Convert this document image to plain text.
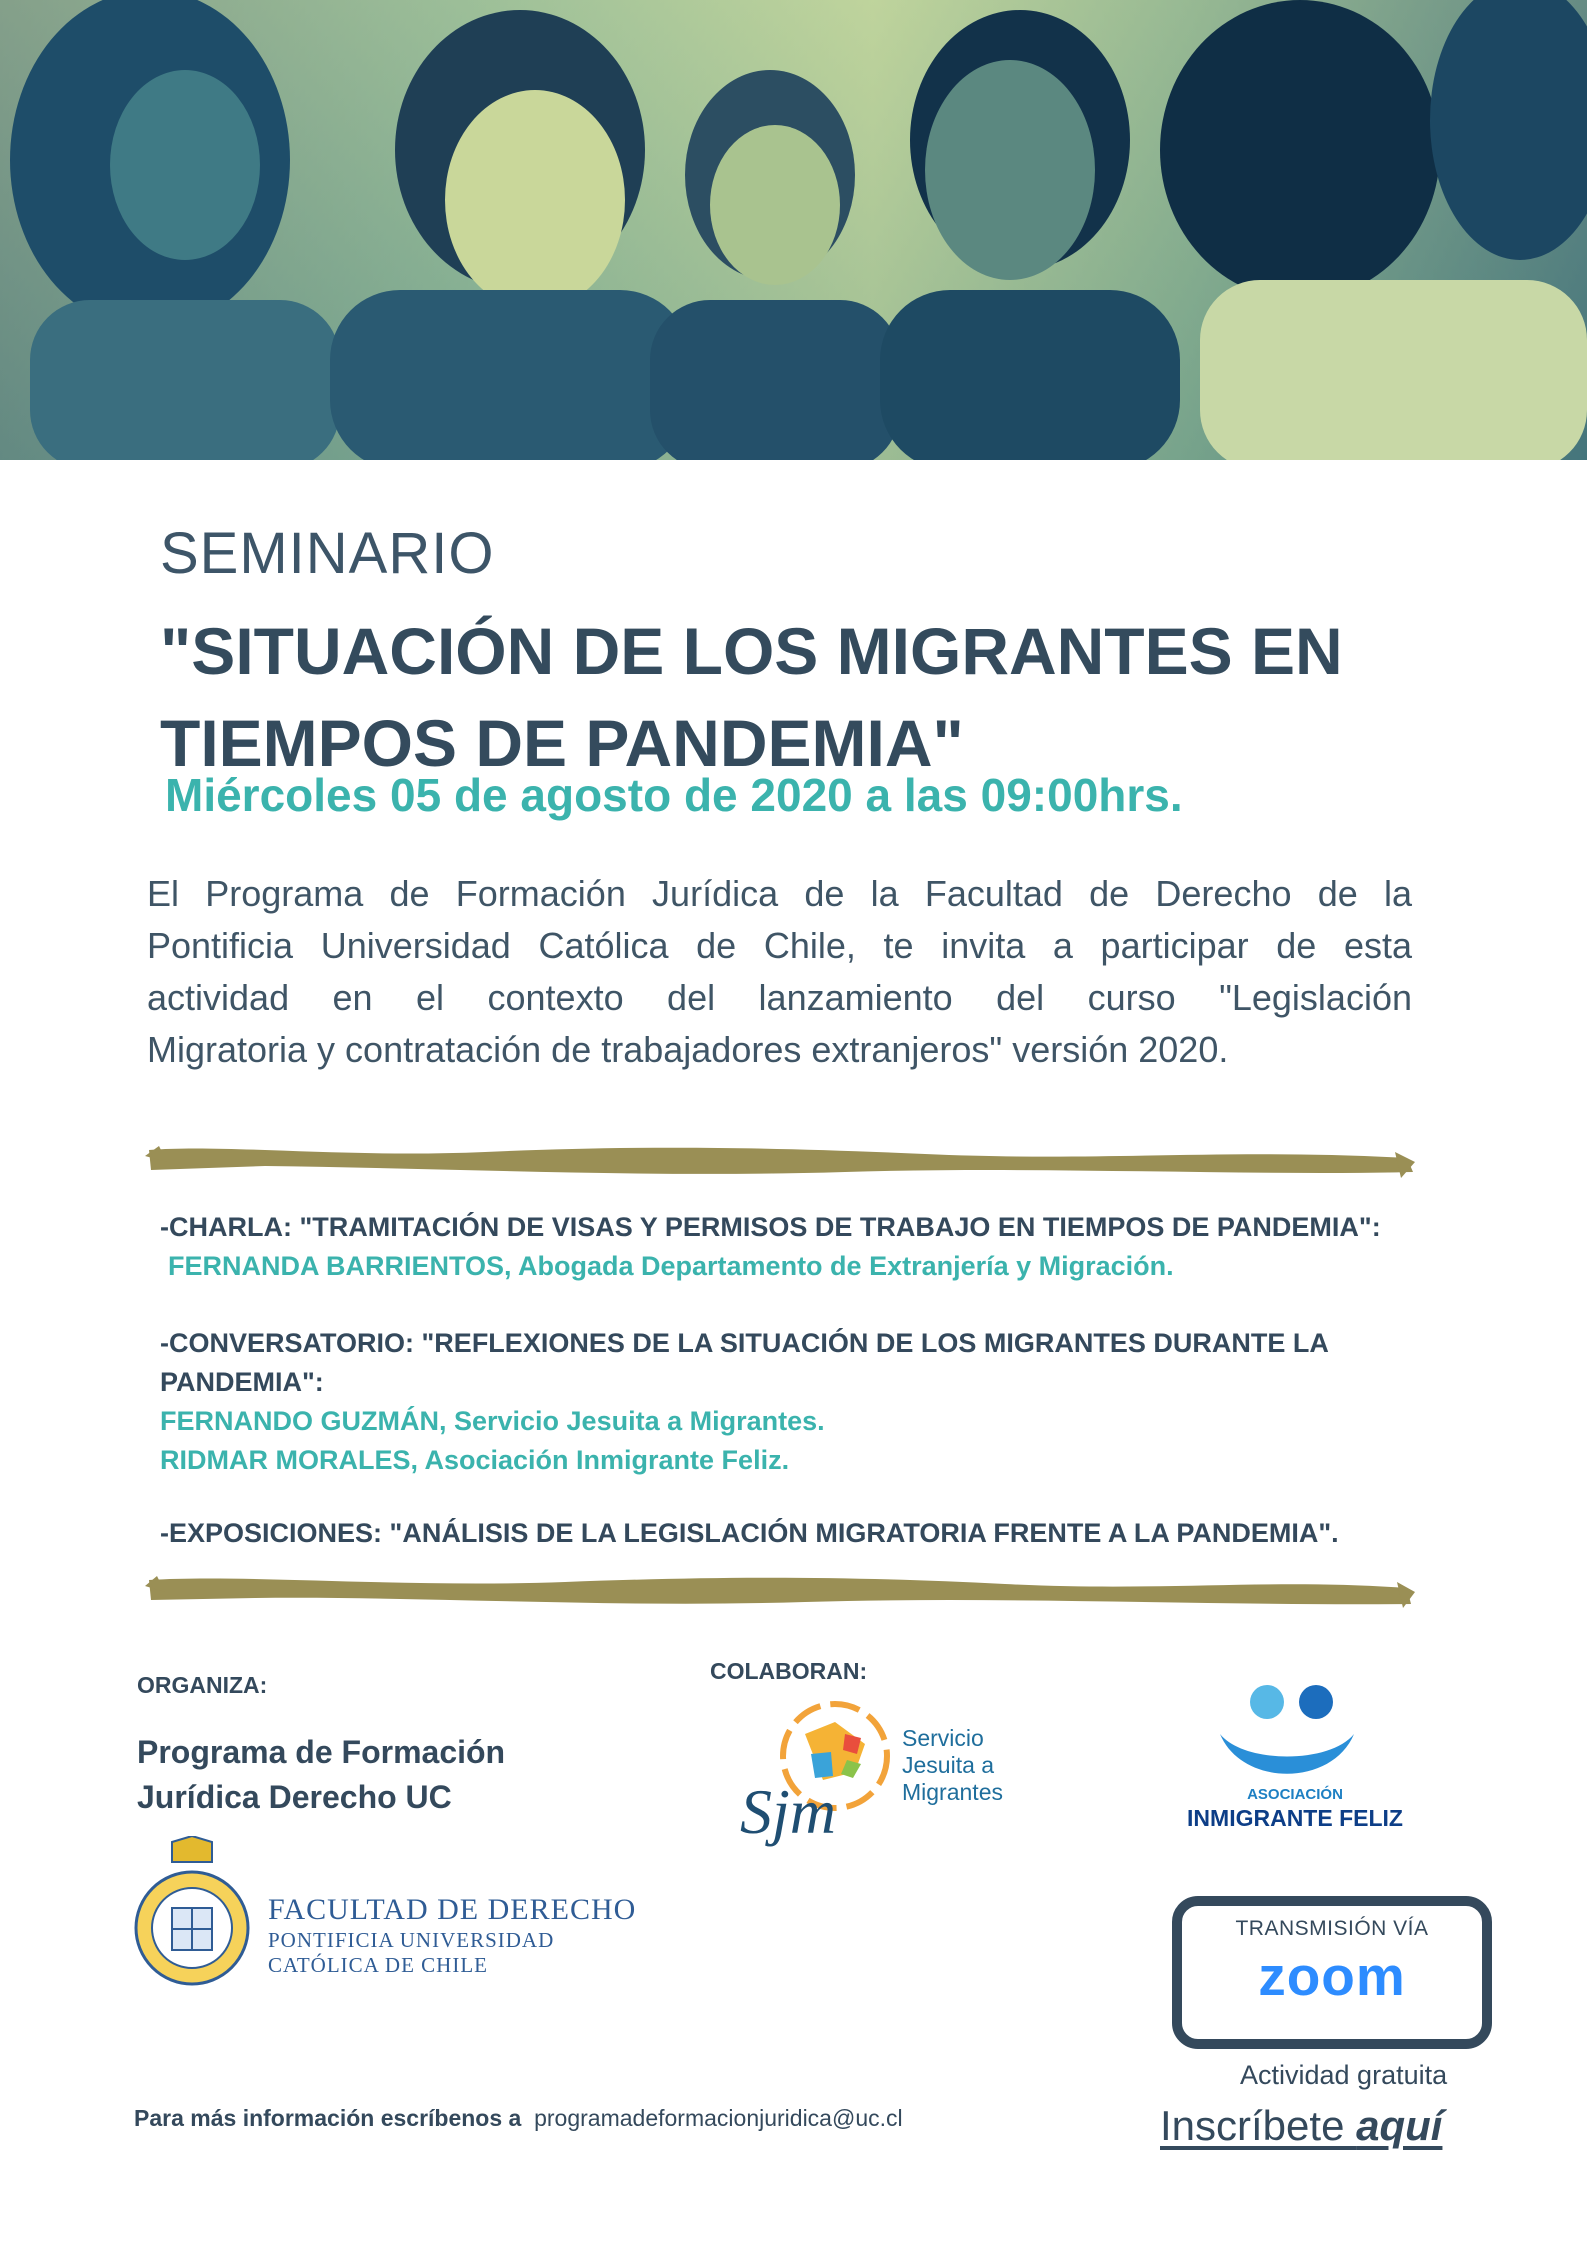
SEMINARIO
"SITUACIÓN DE LOS MIGRANTES EN
TIEMPOS DE PANDEMIA"
Miércoles 05 de agosto de 2020 a las 09:00hrs.
El Programa de Formación Jurídica de la Facultad de Derecho de la
Pontificia Universidad Católica de Chile, te invita a participar de esta
actividad en el contexto del lanzamiento del curso "Legislación
Migratoria y contratación de trabajadores extranjeros" versión 2020.
-CHARLA: "TRAMITACIÓN DE VISAS Y PERMISOS DE TRABAJO EN TIEMPOS DE PANDEMIA":
FERNANDA BARRIENTOS, Abogada Departamento de Extranjería y Migración.
-CONVERSATORIO: "REFLEXIONES DE LA SITUACIÓN DE LOS MIGRANTES DURANTE LA
PANDEMIA":
FERNANDO GUZMÁN, Servicio Jesuita a Migrantes.
RIDMAR MORALES, Asociación Inmigrante Feliz.
-EXPOSICIONES: "ANÁLISIS DE LA LEGISLACIÓN MIGRATORIA FRENTE A LA PANDEMIA".
ORGANIZA:
Programa de Formación
Jurídica Derecho UC
FACULTAD DE DERECHO
PONTIFICIA UNIVERSIDAD
CATÓLICA DE CHILE
COLABORAN:
Sjm
Servicio
Jesuita a
Migrantes	ASOCIACIÓN
INMIGRANTE FELIZ
TRANSMISIÓN VÍA
zoom
Actividad gratuita
Inscríbete aquí
Para más información escríbenos a programadeformacionjuridica@uc.cl
